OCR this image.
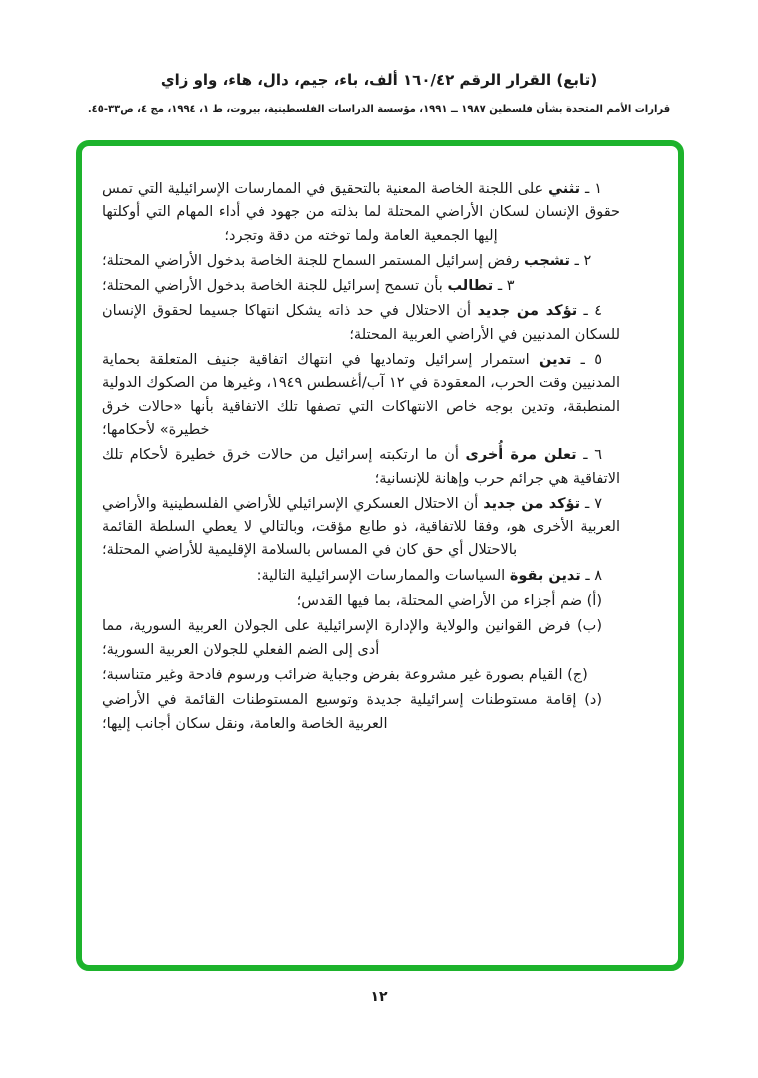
(تابع) القرار الرقم ١٦٠/٤٢ ألف، باء، جيم، دال، هاء، واو زاي
قرارات الأمم المتحدة بشأن فلسطين ١٩٨٧ ــ ١٩٩١، مؤسسة الدراسات الفلسطينية، بيروت، ط ١، ١٩٩٤، مج ٤، ص٣٣-٤٥.

١ ـ تثني على اللجنة الخاصة المعنية بالتحقيق في الممارسات الإسرائيلية التي تمس حقوق الإنسان لسكان الأراضي المحتلة لما بذلته من جهود في أداء المهام التي أوكلتها إليها الجمعية العامة ولما توخته من دقة وتجرد؛

٢ ـ تشجب رفض إسرائيل المستمر السماح للجنة الخاصة بدخول الأراضي المحتلة؛

٣ ـ تطالب بأن تسمح إسرائيل للجنة الخاصة بدخول الأراضي المحتلة؛

٤ ـ تؤكد من جديد أن الاحتلال في حد ذاته يشكل انتهاكا جسيما لحقوق الإنسان للسكان المدنيين في الأراضي العربية المحتلة؛

٥ ـ تدين استمرار إسرائيل وتماديها في انتهاك اتفاقية جنيف المتعلقة بحماية المدنيين وقت الحرب، المعقودة في ١٢ آب/أغسطس ١٩٤٩، وغيرها من الصكوك الدولية المنطبقة، وتدين بوجه خاص الانتهاكات التي تصفها تلك الاتفاقية بأنها «حالات خرق خطيرة» لأحكامها؛

٦ ـ تعلن مرة أُخرى أن ما ارتكبته إسرائيل من حالات خرق خطيرة لأحكام تلك الاتفاقية هي جرائم حرب وإهانة للإنسانية؛

٧ ـ تؤكد من جديد أن الاحتلال العسكري الإسرائيلي للأراضي الفلسطينية والأراضي العربية الأخرى هو، وفقا للاتفاقية، ذو طابع مؤقت، وبالتالي لا يعطي السلطة القائمة بالاحتلال أي حق كان في المساس بالسلامة الإقليمية للأراضي المحتلة؛

٨ ـ تدين بقوة السياسات والممارسات الإسرائيلية التالية:

(أ) ضم أجزاء من الأراضي المحتلة، بما فيها القدس؛

(ب) فرض القوانين والولاية والإدارة الإسرائيلية على الجولان العربية السورية، مما أدى إلى الضم الفعلي للجولان العربية السورية؛

(ج) القيام بصورة غير مشروعة بفرض وجباية ضرائب ورسوم فادحة وغير متناسبة؛

(د) إقامة مستوطنات إسرائيلية جديدة وتوسيع المستوطنات القائمة في الأراضي العربية الخاصة والعامة، ونقل سكان أجانب إليها؛

١٢
